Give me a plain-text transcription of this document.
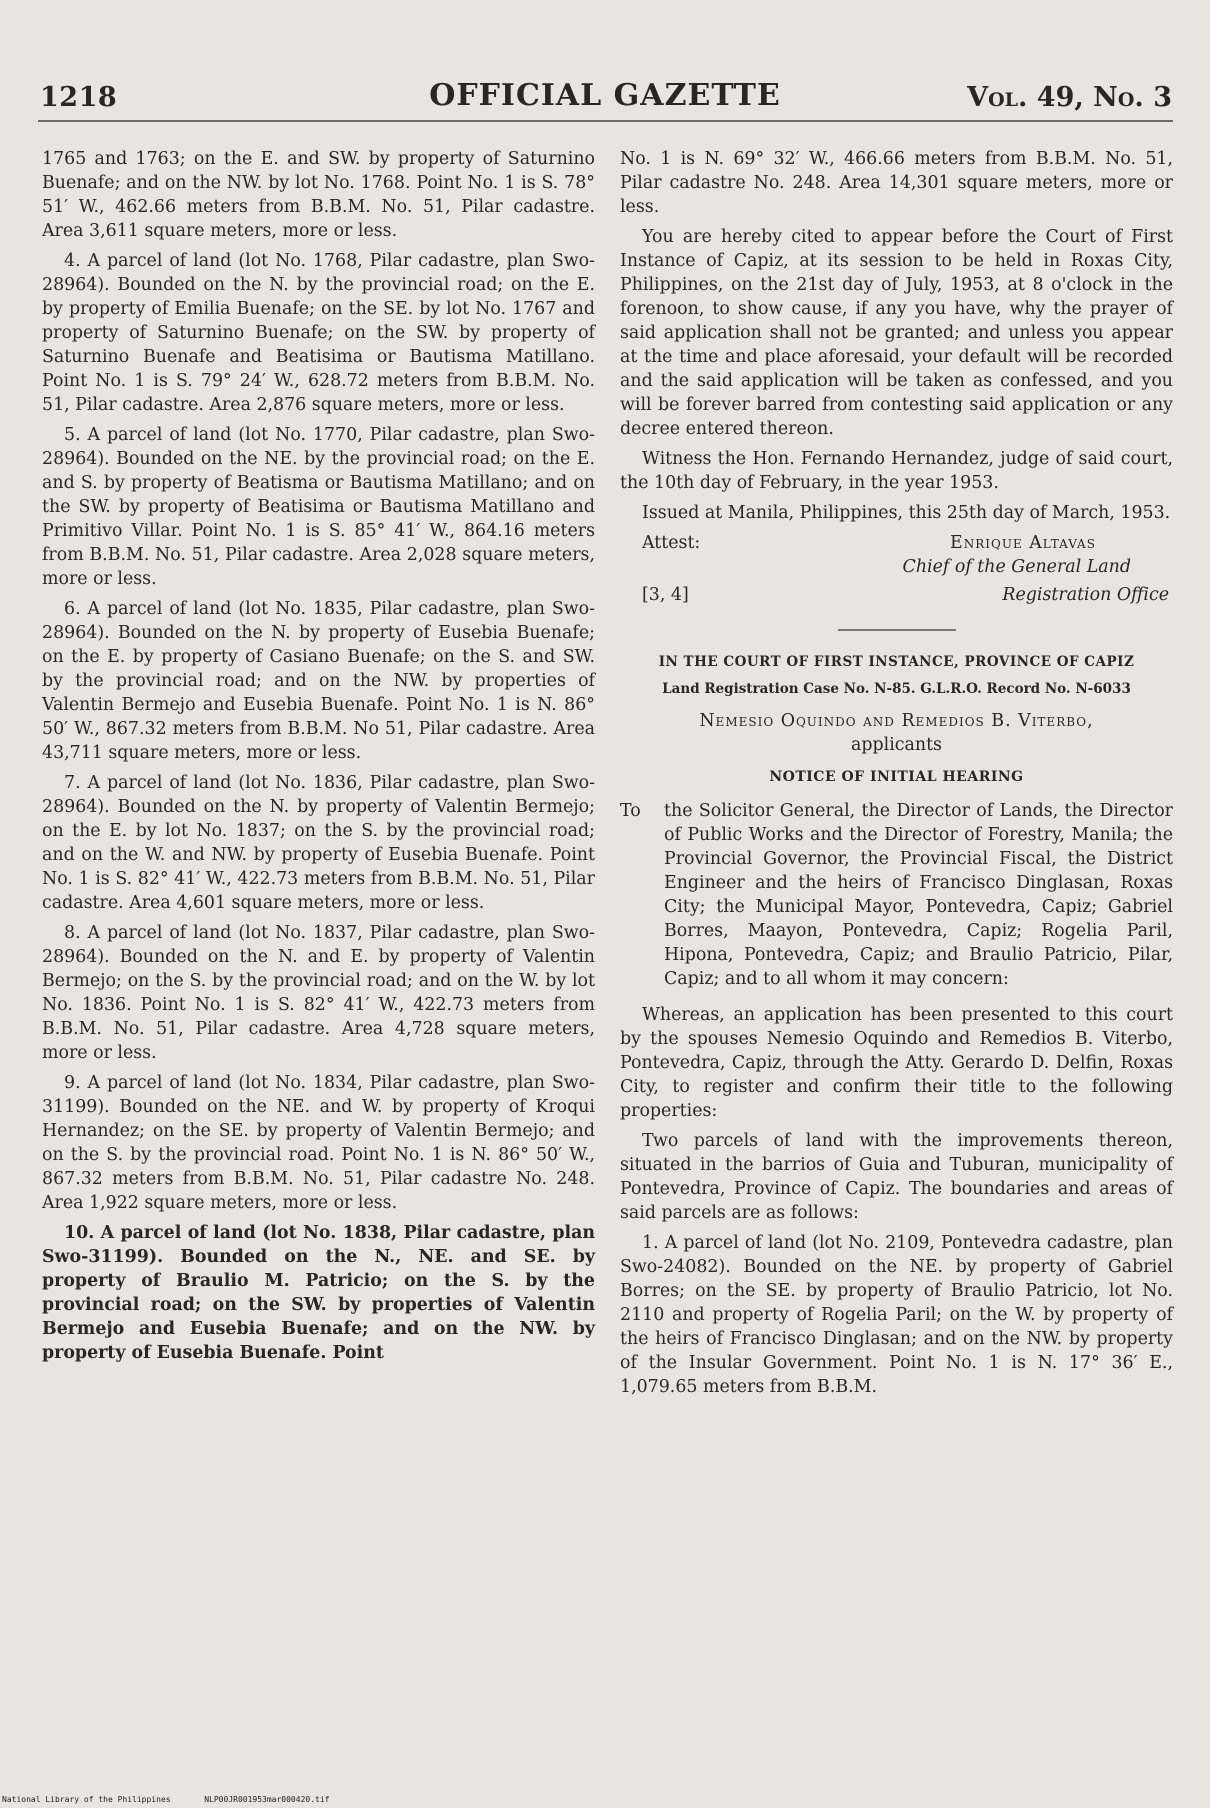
1218	OFFICIAL GAZETTE	Vol. 49, No. 3

1765 and 1763; on the E. and SW. by property of Saturnino Buenafe; and on the NW. by lot No. 1768. Point No. 1 is S. 78° 51′ W., 462.66 meters from B.B.M. No. 51, Pilar cadastre. Area 3,611 square meters, more or less.

4. A parcel of land (lot No. 1768, Pilar cadastre, plan Swo-28964). Bounded on the N. by the provincial road; on the E. by property of Emilia Buenafe; on the SE. by lot No. 1767 and property of Saturnino Buenafe; on the SW. by property of Saturnino Buenafe and Beatisima or Bautisma Matillano. Point No. 1 is S. 79° 24′ W., 628.72 meters from B.B.M. No. 51, Pilar cadastre. Area 2,876 square meters, more or less.

5. A parcel of land (lot No. 1770, Pilar cadastre, plan Swo-28964). Bounded on the NE. by the provincial road; on the E. and S. by property of Beatisma or Bautisma Matillano; and on the SW. by property of Beatisima or Bautisma Matillano and Primitivo Villar. Point No. 1 is S. 85° 41′ W., 864.16 meters from B.B.M. No. 51, Pilar cadastre. Area 2,028 square meters, more or less.

6. A parcel of land (lot No. 1835, Pilar cadastre, plan Swo-28964). Bounded on the N. by property of Eusebia Buenafe; on the E. by property of Casiano Buenafe; on the S. and SW. by the provincial road; and on the NW. by properties of Valentin Bermejo and Eusebia Buenafe. Point No. 1 is N. 86° 50′ W., 867.32 meters from B.B.M. No 51, Pilar cadastre. Area 43,711 square meters, more or less.

7. A parcel of land (lot No. 1836, Pilar cadastre, plan Swo-28964). Bounded on the N. by property of Valentin Bermejo; on the E. by lot No. 1837; on the S. by the provincial road; and on the W. and NW. by property of Eusebia Buenafe. Point No. 1 is S. 82° 41′ W., 422.73 meters from B.B.M. No. 51, Pilar cadastre. Area 4,601 square meters, more or less.

8. A parcel of land (lot No. 1837, Pilar cadastre, plan Swo-28964). Bounded on the N. and E. by property of Valentin Bermejo; on the S. by the provincial road; and on the W. by lot No. 1836. Point No. 1 is S. 82° 41′ W., 422.73 meters from B.B.M. No. 51, Pilar cadastre. Area 4,728 square meters, more or less.

9. A parcel of land (lot No. 1834, Pilar cadastre, plan Swo-31199). Bounded on the NE. and W. by property of Kroqui Hernandez; on the SE. by property of Valentin Bermejo; and on the S. by the provincial road. Point No. 1 is N. 86° 50′ W., 867.32 meters from B.B.M. No. 51, Pilar cadastre No. 248. Area 1,922 square meters, more or less.

10. A parcel of land (lot No. 1838, Pilar cadastre, plan Swo-31199). Bounded on the N., NE. and SE. by property of Braulio M. Patricio; on the S. by the provincial road; on the SW. by properties of Valentin Bermejo and Eusebia Buenafe; and on the NW. by property of Eusebia Buenafe. Point

No. 1 is N. 69° 32′ W., 466.66 meters from B.B.M. No. 51, Pilar cadastre No. 248. Area 14,301 square meters, more or less.

You are hereby cited to appear before the Court of First Instance of Capiz, at its session to be held in Roxas City, Philippines, on the 21st day of July, 1953, at 8 o'clock in the forenoon, to show cause, if any you have, why the prayer of said application shall not be granted; and unless you appear at the time and place aforesaid, your default will be recorded and the said application will be taken as confessed, and you will be forever barred from contesting said application or any decree entered thereon.

Witness the Hon. Fernando Hernandez, judge of said court, the 10th day of February, in the year 1953.

Issued at Manila, Philippines, this 25th day of March, 1953.

Attest:	Enrique Altavas
Chief of the General Land
[3, 4]	Registration Office
IN THE COURT OF FIRST INSTANCE, PROVINCE OF CAPIZ
Land Registration Case No. N-85. G.L.R.O. Record No. N-6033
Nemesio Oquindo and Remedios B. Viterbo,
applicants
NOTICE OF INITIAL HEARING
To	the Solicitor General, the Director of Lands, the Director of Public Works and the Director of Forestry, Manila; the Provincial Governor, the Provincial Fiscal, the District Engineer and the heirs of Francisco Dinglasan, Roxas City; the Municipal Mayor, Pontevedra, Capiz; Gabriel Borres, Maayon, Pontevedra, Capiz; Rogelia Paril, Hipona, Pontevedra, Capiz; and Braulio Patricio, Pilar, Capiz; and to all whom it may concern:

Whereas, an application has been presented to this court by the spouses Nemesio Oquindo and Remedios B. Viterbo, Pontevedra, Capiz, through the Atty. Gerardo D. Delfin, Roxas City, to register and confirm their title to the following properties:

Two parcels of land with the improvements thereon, situated in the barrios of Guia and Tuburan, municipality of Pontevedra, Province of Capiz. The boundaries and areas of said parcels are as follows:

1. A parcel of land (lot No. 2109, Pontevedra cadastre, plan Swo-24082). Bounded on the NE. by property of Gabriel Borres; on the SE. by property of Braulio Patricio, lot No. 2110 and property of Rogelia Paril; on the W. by property of the heirs of Francisco Dinglasan; and on the NW. by property of the Insular Government. Point No. 1 is N. 17° 36′ E., 1,079.65 meters from B.B.M.

National Library of the Philippines	NLP00JR001953mar000420.tif
